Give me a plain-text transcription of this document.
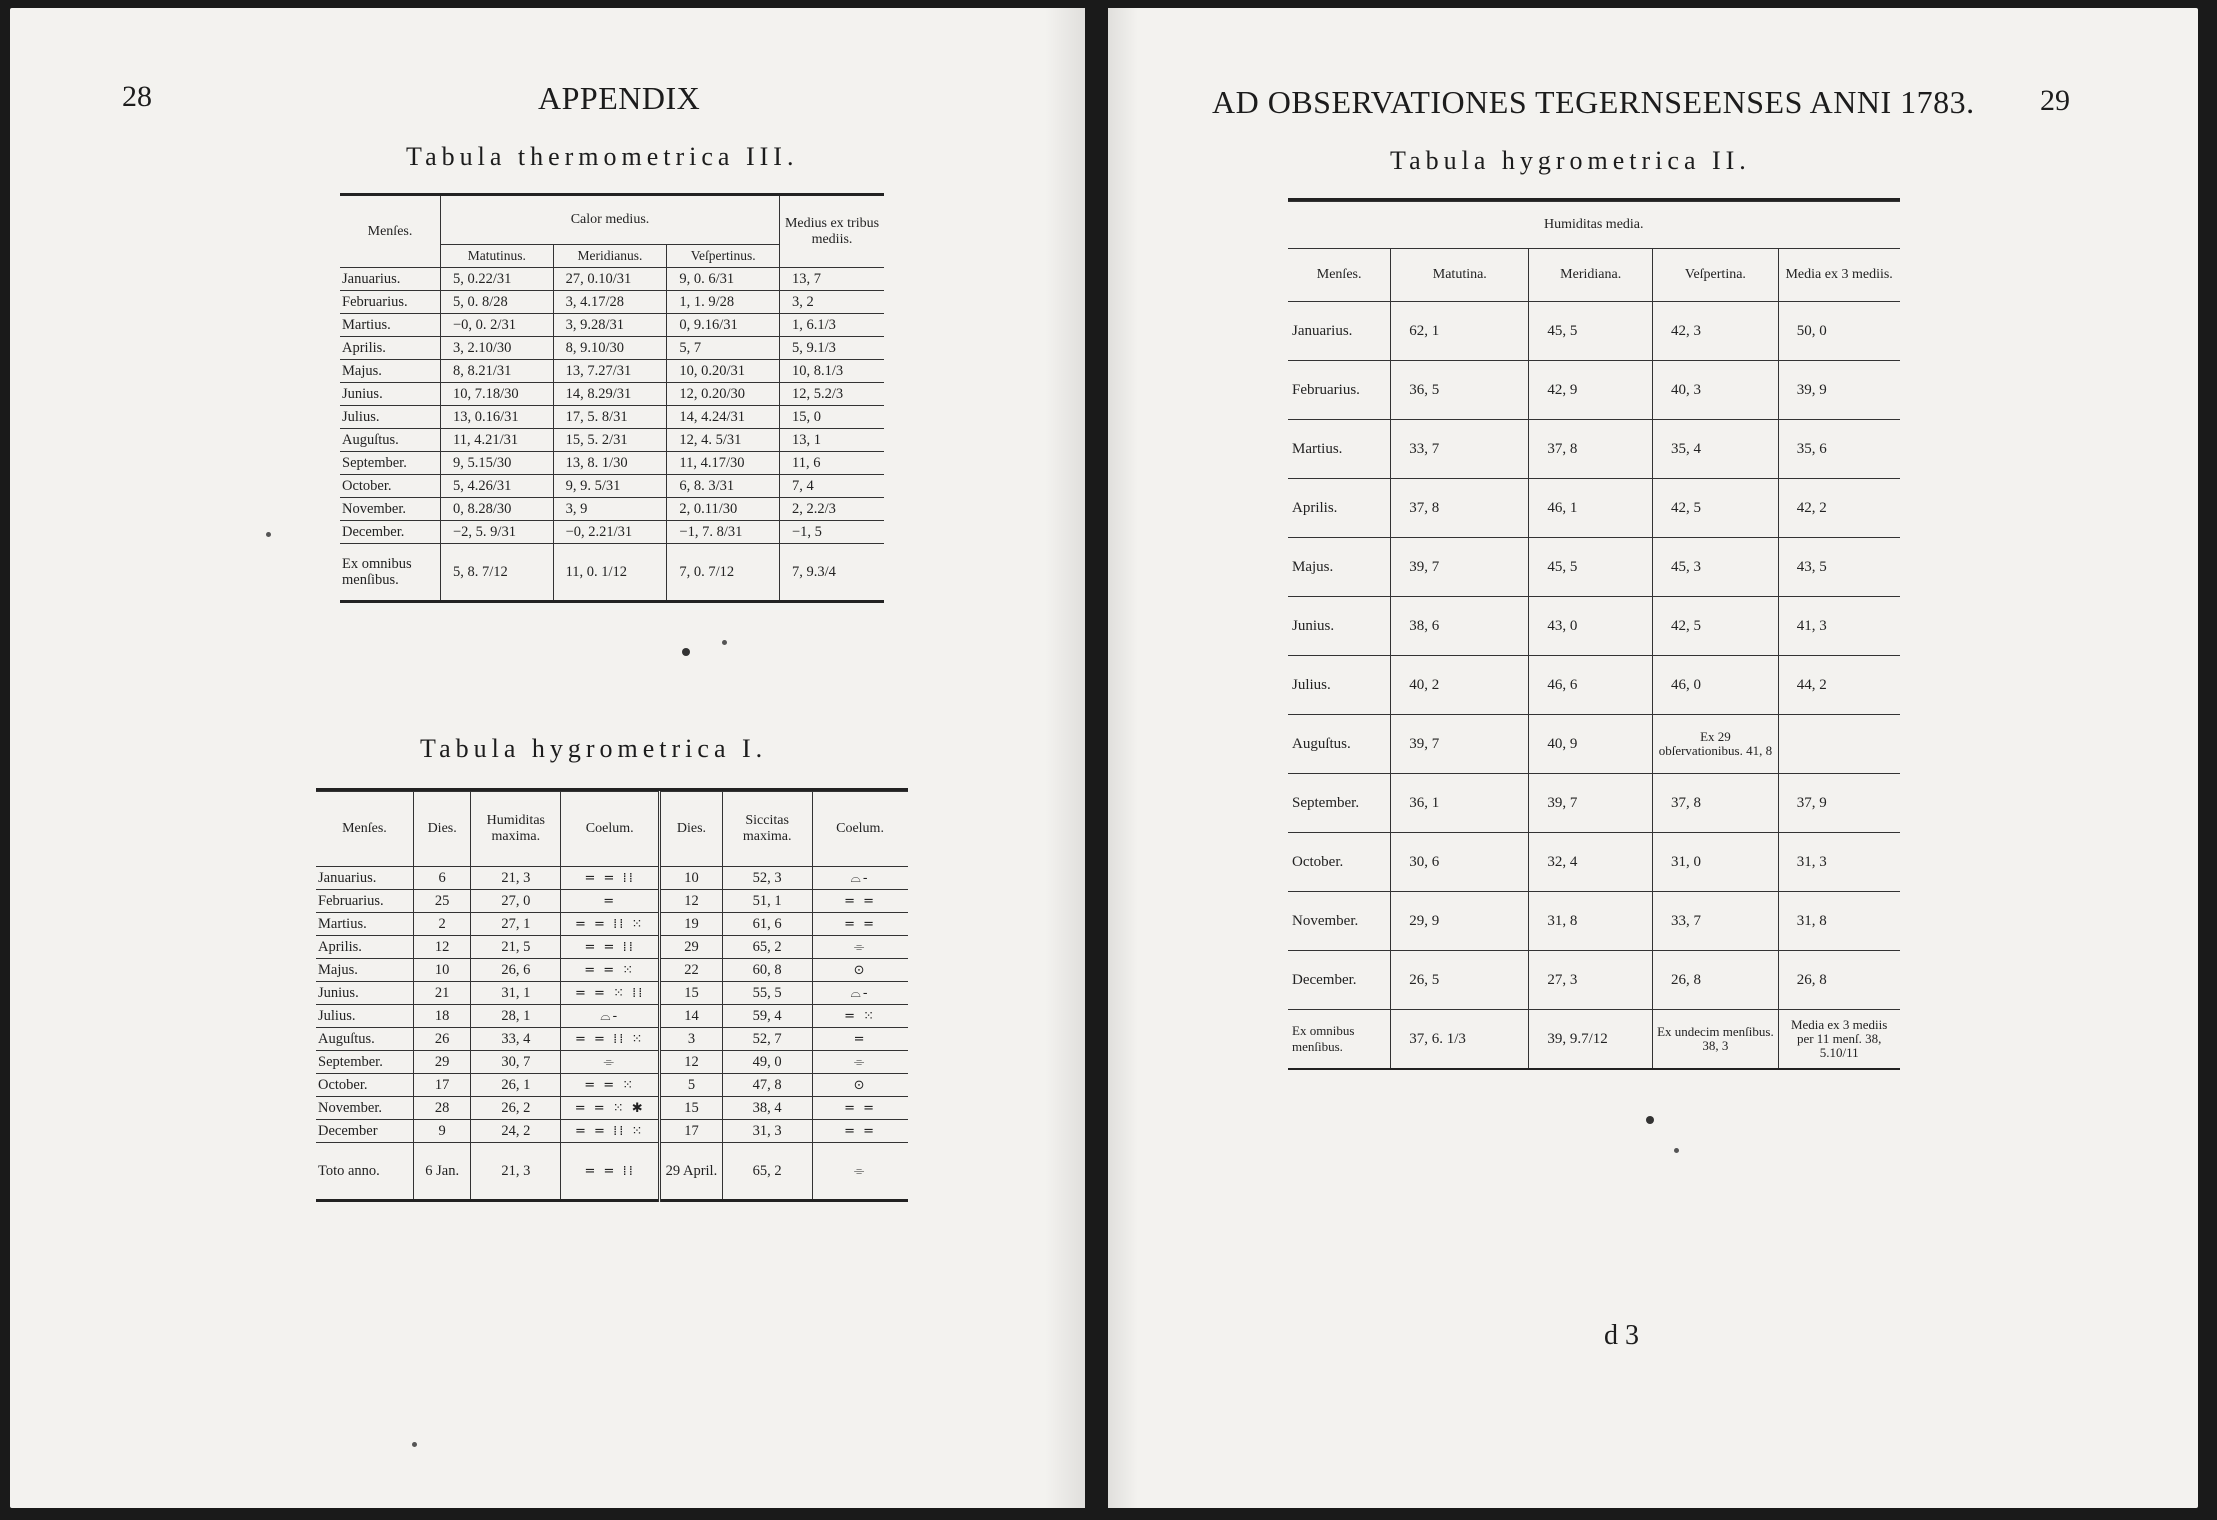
28	APPENDIX
Tabula thermometrica III.

Menſes.	Calor medius.			Medius ex tribus mediis.
	Matutinus.	Meridianus.	Veſpertinus.	
Januarius.	5, 0.22/31	27, 0.10/31	9, 0. 6/31	13, 7
Februarius.	5, 0. 8/28	3, 4.17/28	1, 1. 9/28	3, 2
Martius.	−0, 0. 2/31	3, 9.28/31	0, 9.16/31	1, 6.1/3
Aprilis.	3, 2.10/30	8, 9.10/30	5, 7	5, 9.1/3
Majus.	8, 8.21/31	13, 7.27/31	10, 0.20/31	10, 8.1/3
Junius.	10, 7.18/30	14, 8.29/31	12, 0.20/30	12, 5.2/3
Julius.	13, 0.16/31	17, 5. 8/31	14, 4.24/31	15, 0
Auguſtus.	11, 4.21/31	15, 5. 2/31	12, 4. 5/31	13, 1
September.	9, 5.15/30	13, 8. 1/30	11, 4.17/30	11, 6
October.	5, 4.26/31	9, 9. 5/31	6, 8. 3/31	7, 4
November.	0, 8.28/30	3, 9	2, 0.11/30	2, 2.2/3
December.	−2, 5. 9/31	−0, 2.21/31	−1, 7. 8/31	−1, 5
Ex omnibus menſibus.	5, 8. 7/12	11, 0. 1/12	7, 0. 7/12	7, 9.3/4
Tabula hygrometrica I.

Menſes.	Dies.	Humiditas maxima.	Coelum.	Dies.	Siccitas maxima.	Coelum.
Januarius.	6	21, 3	= = ⁞⁞	10	52, 3	⌓-
Februarius.	25	27, 0	=	12	51, 1	= =
Martius.	2	27, 1	= = ⁞⁞ ⁙	19	61, 6	= =
Aprilis.	12	21, 5	= = ⁞⁞	29	65, 2	⌯
Majus.	10	26, 6	= = ⁙	22	60, 8	⊙
Junius.	21	31, 1	= = ⁙ ⁞⁞	15	55, 5	⌓-
Julius.	18	28, 1	⌓-	14	59, 4	= ⁙
Auguſtus.	26	33, 4	= = ⁞⁞ ⁙	3	52, 7	=
September.	29	30, 7	⌯	12	49, 0	⌯
October.	17	26, 1	= = ⁙	5	47, 8	⊙
November.	28	26, 2	= = ⁙ ✱	15	38, 4	= =
December	9	24, 2	= = ⁞⁞ ⁙	17	31, 3	= =
Toto anno.	6 Jan.	21, 3	= = ⁞⁞	29 April.	65, 2	⌯
AD OBSERVATIONES TEGERNSEENSES ANNI 1783. 29
Tabula hygrometrica II.

Humiditas media.				
Menſes.	Matutina.	Meridiana.	Veſpertina.	Media ex 3 mediis.
Januarius.	62, 1	45, 5	42, 3	50, 0
Februarius.	36, 5	42, 9	40, 3	39, 9
Martius.	33, 7	37, 8	35, 4	35, 6
Aprilis.	37, 8	46, 1	42, 5	42, 2
Majus.	39, 7	45, 5	45, 3	43, 5
Junius.	38, 6	43, 0	42, 5	41, 3
Julius.	40, 2	46, 6	46, 0	44, 2
Auguſtus.	39, 7	40, 9	Ex 29 obſervationibus. 41, 8	
September.	36, 1	39, 7	37, 8	37, 9
October.	30, 6	32, 4	31, 0	31, 3
November.	29, 9	31, 8	33, 7	31, 8
December.	26, 5	27, 3	26, 8	26, 8
Ex omnibus menſibus.	37, 6. 1/3	39, 9.7/12	Ex undecim menſibus. 38, 3	Media ex 3 mediis per 11 menſ. 38, 5.10/11
d 3
